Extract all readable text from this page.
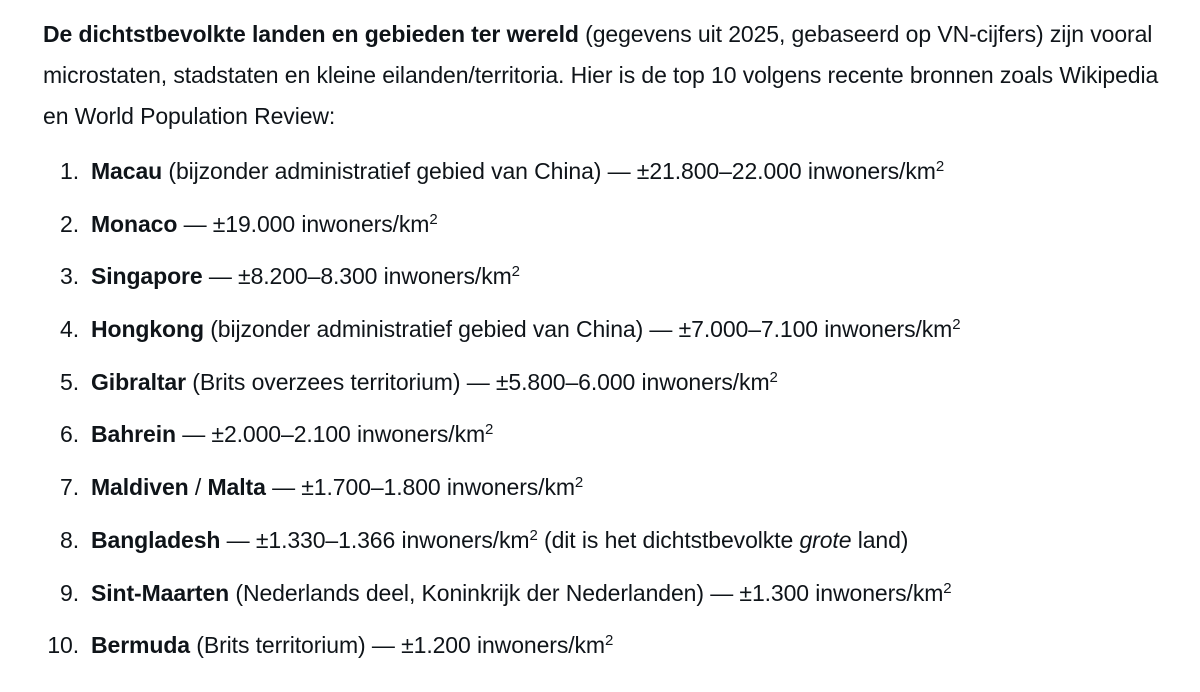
De dichtstbevolkte landen en gebieden ter wereld (gegevens uit 2025, gebaseerd op VN-cijfers) zijn vooral microstaten, stadstaten en kleine eilanden/territoria. Hier is de top 10 volgens recente bronnen zoals Wikipedia en World Population Review:

1. Macau (bijzonder administratief gebied van China) — ±21.800–22.000 inwoners/$km^2$
2. Monaco — ±19.000 inwoners/$km^2$
3. Singapore — ±8.200–8.300 inwoners/$km^2$
4. Hongkong (bijzonder administratief gebied van China) — ±7.000–7.100 inwoners/$km^2$
5. Gibraltar (Brits overzees territorium) — ±5.800–6.000 inwoners/$km^2$
6. Bahrein — ±2.000–2.100 inwoners/$km^2$
7. Maldiven / Malta — ±1.700–1.800 inwoners/$km^2$
8. Bangladesh — ±1.330–1.366 inwoners/$km^2$ (dit is het dichtstbevolkte grote land)
9. Sint-Maarten (Nederlands deel, Koninkrijk der Nederlanden) — ±1.300 inwoners/$km^2$
10. Bermuda (Brits territorium) — ±1.200 inwoners/$km^2$
